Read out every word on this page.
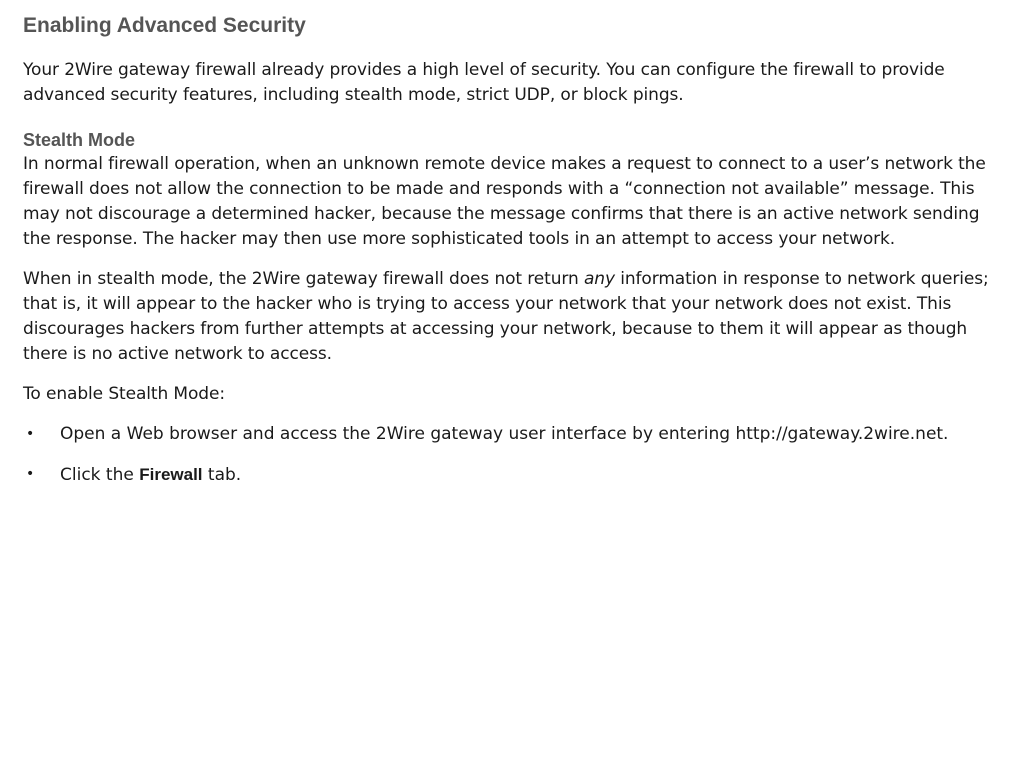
Enabling Advanced Security

Your 2Wire gateway firewall already provides a high level of security. You can configure the firewall to provide advanced security features, including stealth mode, strict UDP, or block pings.

Stealth Mode

In normal firewall operation, when an unknown remote device makes a request to connect to a user’s network the firewall does not allow the connection to be made and responds with a “connection not available” message. This may not discourage a determined hacker, because the message confirms that there is an active network sending the response. The hacker may then use more sophisticated tools in an attempt to access your network.

When in stealth mode, the 2Wire gateway firewall does not return any information in response to network queries; that is, it will appear to the hacker who is trying to access your network that your network does not exist. This discourages hackers from further attempts at accessing your network, because to them it will appear as though there is no active network to access.

To enable Stealth Mode:

• Open a Web browser and access the 2Wire gateway user interface by entering http://gateway.2wire.net.
• Click the Firewall tab.
